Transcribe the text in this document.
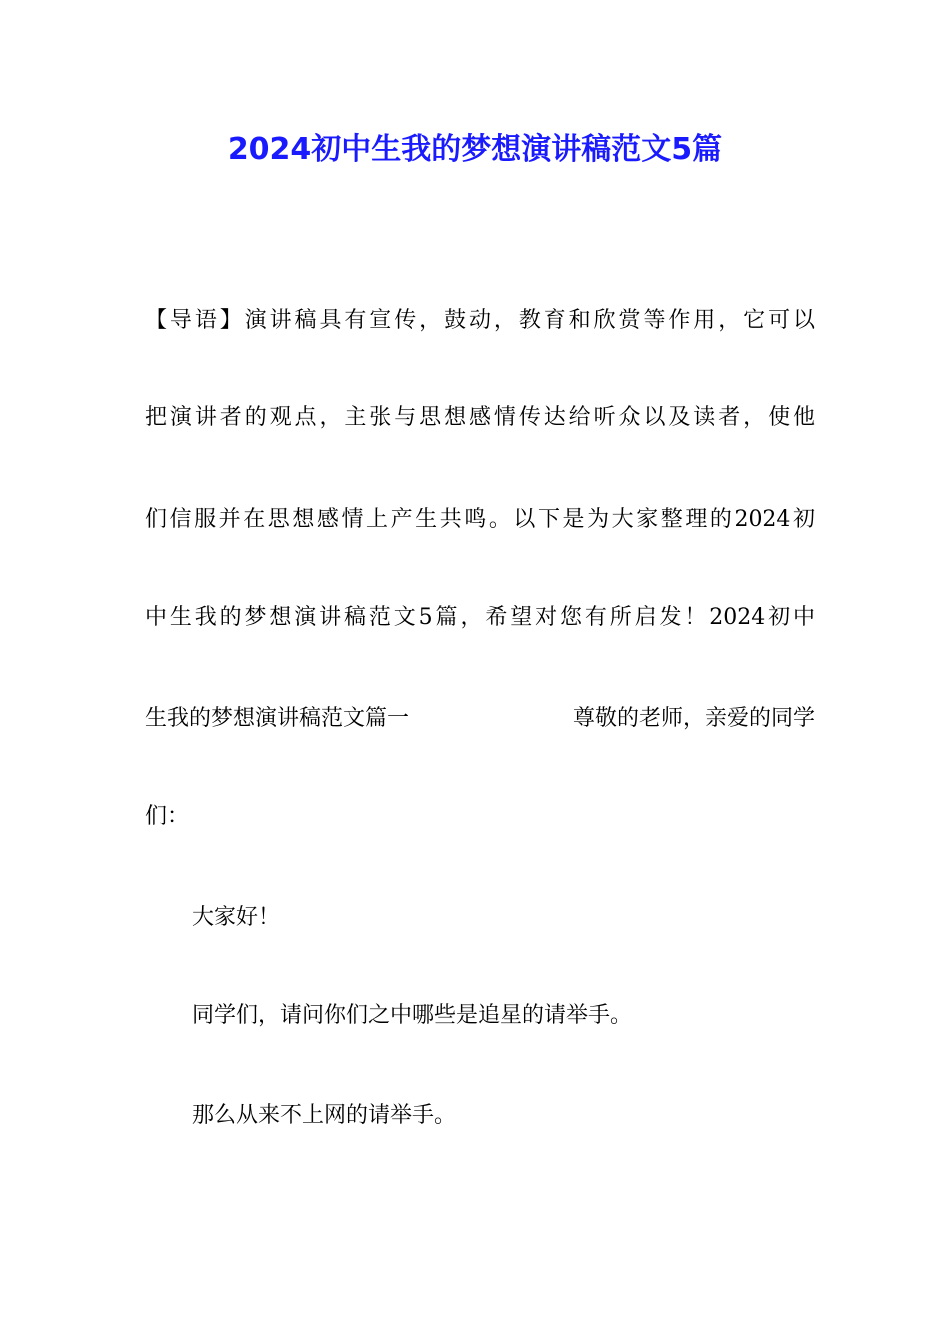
2024初中生我的梦想演讲稿范文5篇
【导语】演讲稿具有宣传，鼓动，教育和欣赏等作用，它可以
把演讲者的观点，主张与思想感情传达给听众以及读者，使他
们信服并在思想感情上产生共鸣。以下是为大家整理的2024初
中生我的梦想演讲稿范文5篇，希望对您有所启发！2024初中
生我的梦想演讲稿范文篇一	尊敬的老师，亲爱的同学
们：
大家好！
同学们，请问你们之中哪些是追星的请举手。
那么从来不上网的请举手。
